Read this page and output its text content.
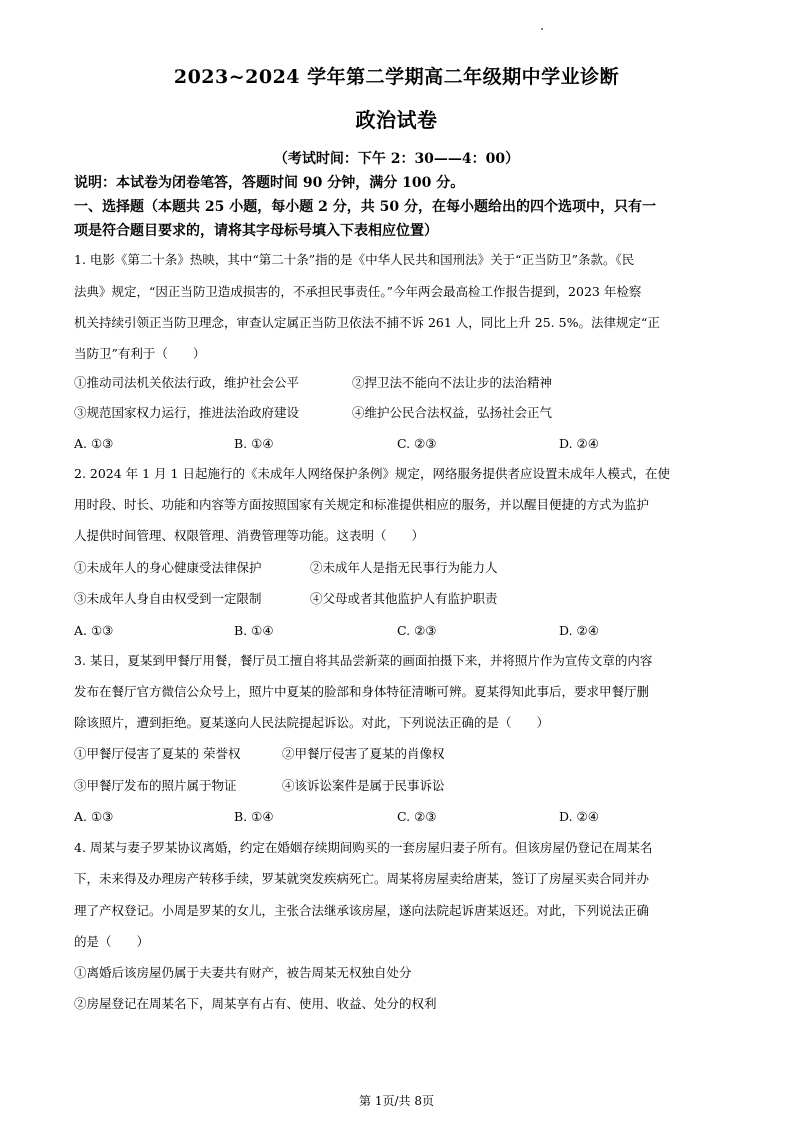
2023~2024 学年第二学期高二年级期中学业诊断
政治试卷
（考试时间：下午 2：30——4：00）
说明：本试卷为闭卷笔答，答题时间 90 分钟，满分 100 分。
一、选择题（本题共 25 小题，每小题 2 分，共 50 分，在每小题给出的四个选项中，只有一
项是符合题目要求的，请将其字母标号填入下表相应位置）
1. 电影《第二十条》热映，其中“第二十条”指的是《中华人民共和国刑法》关于“正当防卫”条款。《民
法典》规定，“因正当防卫造成损害的，不承担民事责任。”今年两会最高检工作报告提到，2023 年检察
机关持续引领正当防卫理念，审查认定属正当防卫依法不捕不诉 261 人，同比上升 25. 5%。法律规定“正
当防卫”有利于（　　）
①推动司法机关依法行政，维护社会公平	②捍卫法不能向不法让步的法治精神
③规范国家权力运行，推进法治政府建设	④维护公民合法权益，弘扬社会正气
A. ①③	B. ①④	C. ②③	D. ②④
2. 2024 年 1 月 1 日起施行的《未成年人网络保护条例》规定，网络服务提供者应设置未成年人模式，在使
用时段、时长、功能和内容等方面按照国家有关规定和标准提供相应的服务，并以醒目便捷的方式为监护
人提供时间管理、权限管理、消费管理等功能。这表明（　　）
①未成年人的身心健康受法律保护	②未成年人是指无民事行为能力人
③未成年人身自由权受到一定限制	④父母或者其他监护人有监护职责
A. ①③	B. ①④	C. ②③	D. ②④
3. 某日，夏某到甲餐厅用餐，餐厅员工擅自将其品尝新菜的画面拍摄下来，并将照片作为宣传文章的内容
发布在餐厅官方微信公众号上，照片中夏某的脸部和身体特征清晰可辨。夏某得知此事后，要求甲餐厅删
除该照片，遭到拒绝。夏某遂向人民法院提起诉讼。对此，下列说法正确的是（　　）
①甲餐厅侵害了夏某的 荣誉权	②甲餐厅侵害了夏某的肖像权
③甲餐厅发布的照片属于物证	④该诉讼案件是属于民事诉讼
A. ①③	B. ①④	C. ②③	D. ②④
4. 周某与妻子罗某协议离婚，约定在婚姻存续期间购买的一套房屋归妻子所有。但该房屋仍登记在周某名
下，未来得及办理房产转移手续，罗某就突发疾病死亡。周某将房屋卖给唐某，签订了房屋买卖合同并办
理了产权登记。小周是罗某的女儿，主张合法继承该房屋，遂向法院起诉唐某返还。对此，下列说法正确
的是（　　）
①离婚后该房屋仍属于夫妻共有财产，被告周某无权独自处分
②房屋登记在周某名下，周某享有占有、使用、收益、处分的权利
第 1页/共 8页
